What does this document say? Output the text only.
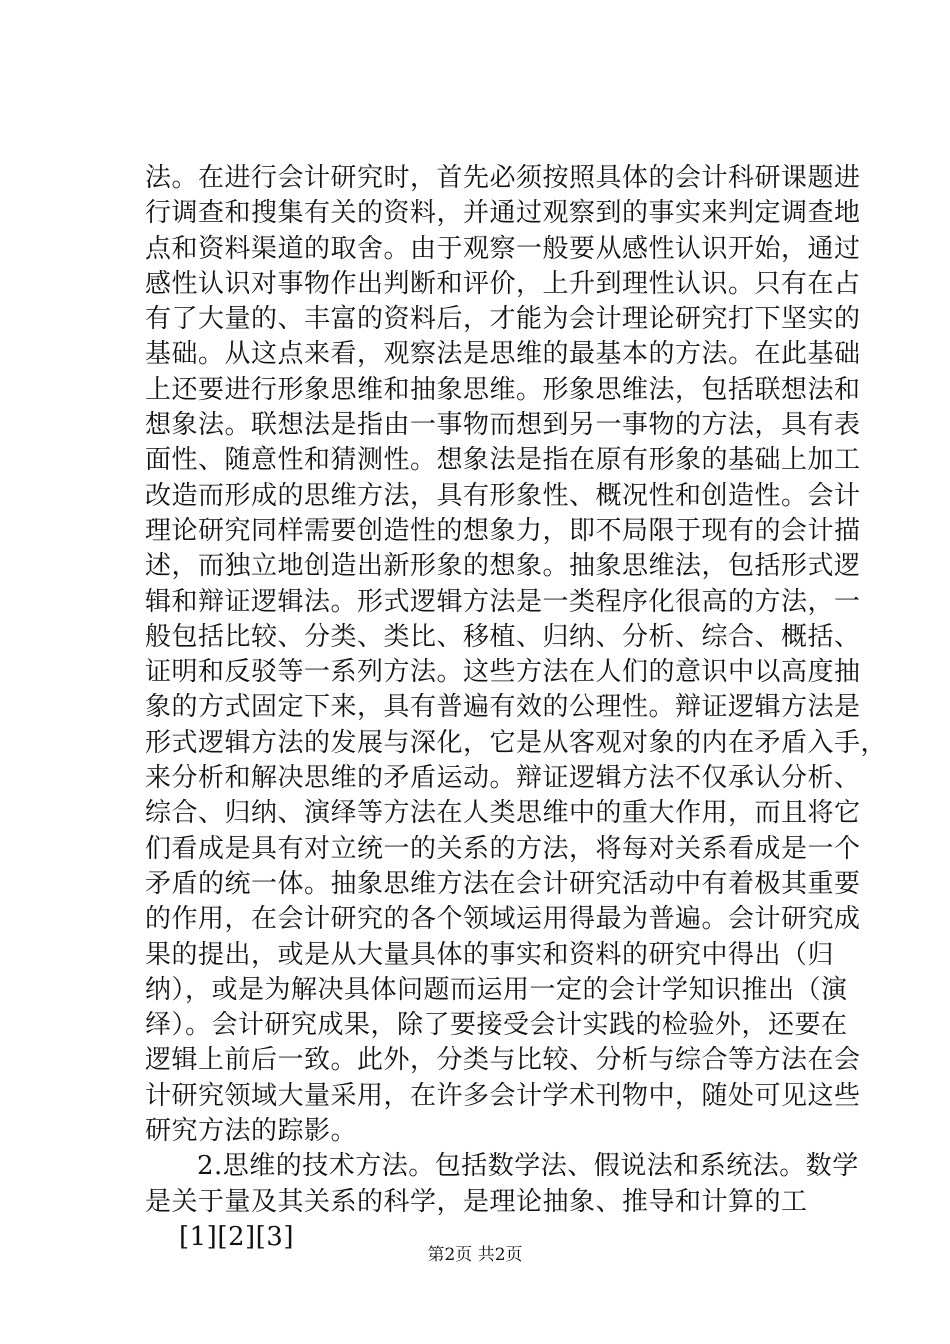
法。在进行会计研究时，首先必须按照具体的会计科研课题进
行调查和搜集有关的资料，并通过观察到的事实来判定调查地
点和资料渠道的取舍。由于观察一般要从感性认识开始，通过
感性认识对事物作出判断和评价，上升到理性认识。只有在占
有了大量的、丰富的资料后，才能为会计理论研究打下坚实的
基础。从这点来看，观察法是思维的最基本的方法。在此基础
上还要进行形象思维和抽象思维。形象思维法，包括联想法和
想象法。联想法是指由一事物而想到另一事物的方法，具有表
面性、随意性和猜测性。想象法是指在原有形象的基础上加工
改造而形成的思维方法，具有形象性、概况性和创造性。会计
理论研究同样需要创造性的想象力，即不局限于现有的会计描
述，而独立地创造出新形象的想象。抽象思维法，包括形式逻
辑和辩证逻辑法。形式逻辑方法是一类程序化很高的方法，一
般包括比较、分类、类比、移植、归纳、分析、综合、概括、
证明和反驳等一系列方法。这些方法在人们的意识中以高度抽
象的方式固定下来，具有普遍有效的公理性。辩证逻辑方法是
形式逻辑方法的发展与深化，它是从客观对象的内在矛盾入手，
来分析和解决思维的矛盾运动。辩证逻辑方法不仅承认分析、
综合、归纳、演绎等方法在人类思维中的重大作用，而且将它
们看成是具有对立统一的关系的方法，将每对关系看成是一个
矛盾的统一体。抽象思维方法在会计研究活动中有着极其重要
的作用，在会计研究的各个领域运用得最为普遍。会计研究成
果的提出，或是从大量具体的事实和资料的研究中得出（归
纳），或是为解决具体问题而运用一定的会计学知识推出（演
绎）。会计研究成果，除了要接受会计实践的检验外，还要在
逻辑上前后一致。此外，分类与比较、分析与综合等方法在会
计研究领域大量采用，在许多会计学术刊物中，随处可见这些
研究方法的踪影。
2.思维的技术方法。包括数学法、假说法和系统法。数学
是关于量及其关系的科学，是理论抽象、推导和计算的工
[1][2][3]
第2页 共2页
